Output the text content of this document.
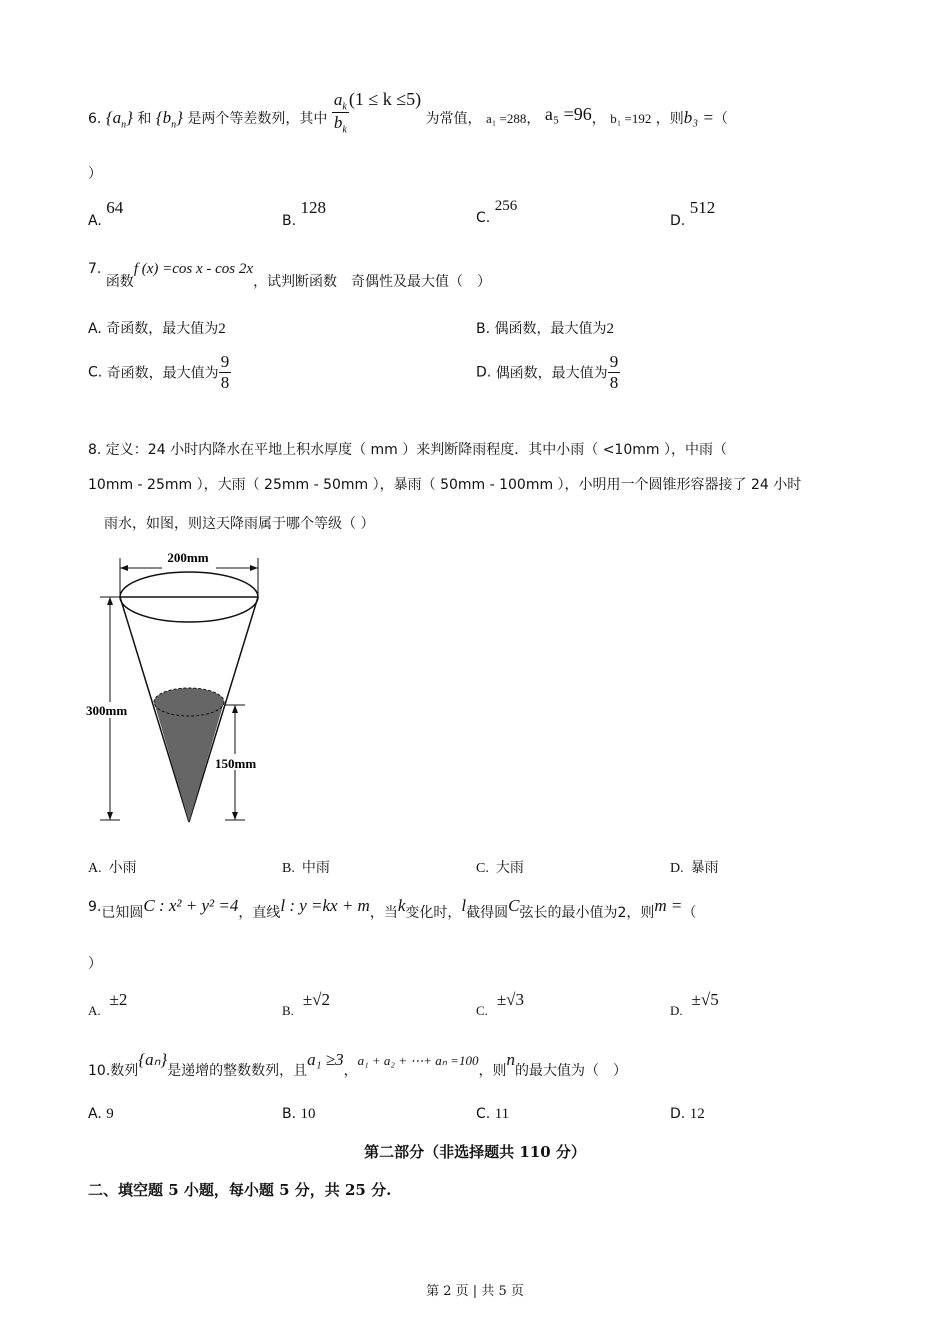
6. $\{a_n\}$ 和 $\{b_n\}$ 是两个等差数列，其中 $\frac{a_k}{b_k} (1 \le k \le 5)$ 为常值， a₁ =288， a₅ =96， b₁ =192 ，则b₃ =（
）
A. 64
B. 128
C. 256
D. 512
7. 函数f (x) =cos x - cos 2x，试判断函数　奇偶性及最大值（　）
A. 奇函数，最大值为2	B. 偶函数，最大值为2
C. 奇函数，最大值为 $\frac{9}{8}$	D. 偶函数，最大值为 $\frac{9}{8}$
8. 定义：24 小时内降水在平地上积水厚度（ mm ）来判断降雨程度．其中小雨（ <10mm ），中雨（
10mm - 25mm ），大雨（ 25mm - 50mm ），暴雨（ 50mm - 100mm ），小明用一个圆锥形容器接了 24 小时
雨水，如图，则这天降雨属于哪个等级（ ）
200mm
300mm
150mm
A. 小雨	B. 中雨	C. 大雨	D. 暴雨
9.已知圆C : x² + y² =4，直线l : y =kx + m，当k变化时，l截得圆C弦长的最小值为2，则m =（
）
A.  ±2
B.  ±√2
C.  ±√3
D.  ±√5
10.数列{aₙ}是递增的整数数列，且a₁ ≥3，a₁ + a₂ + ⋯+ aₙ =100，则n的最大值为（　）
A. 9	B. 10	C. 11	D. 12
第二部分（非选择题共 110 分）
二、填空题 5 小题，每小题 5 分，共 25 分.
第 2 页 | 共 5 页
